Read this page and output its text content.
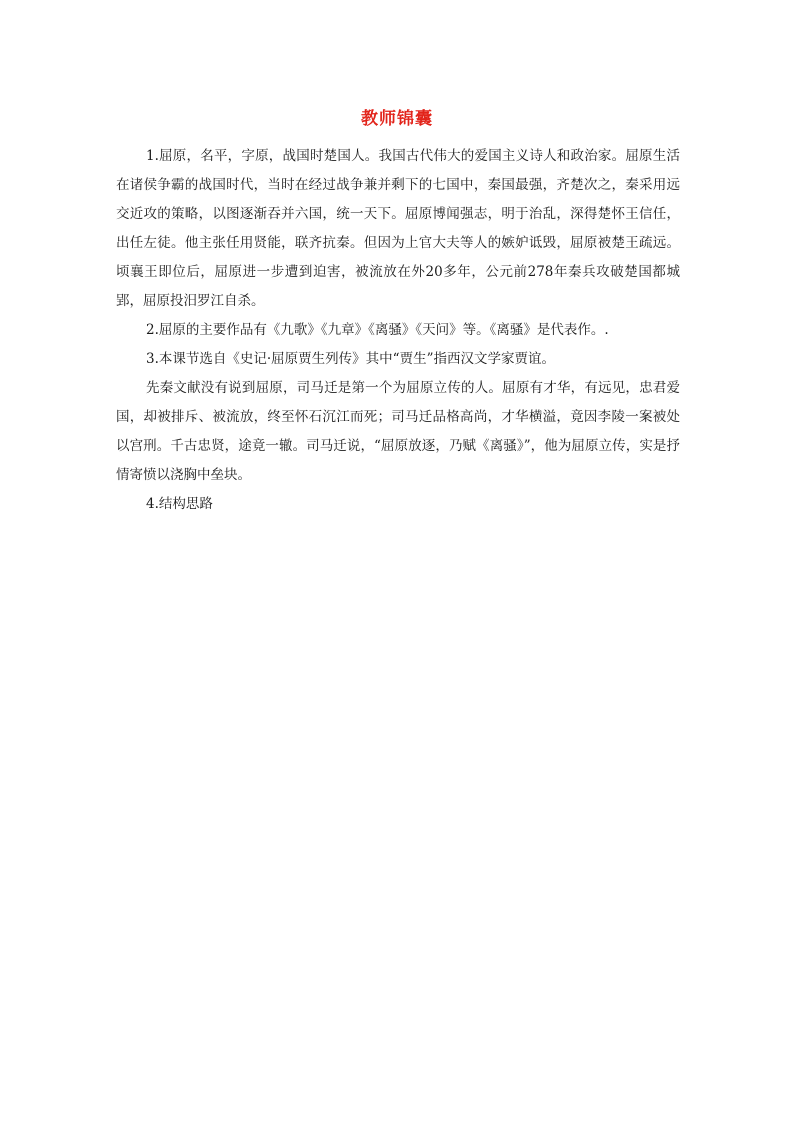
教师锦囊

1.屈原，名平，字原，战国时楚国人。我国古代伟大的爱国主义诗人和政治家。屈原生活在诸侯争霸的战国时代，当时在经过战争兼并剩下的七国中，秦国最强，齐楚次之，秦采用远交近攻的策略，以图逐渐吞并六国，统一天下。屈原博闻强志，明于治乱，深得楚怀王信任，出任左徒。他主张任用贤能，联齐抗秦。但因为上官大夫等人的嫉妒诋毁，屈原被楚王疏远。顷襄王即位后，屈原进一步遭到迫害，被流放在外20多年，公元前278年秦兵攻破楚国都城郢，屈原投汨罗江自杀。

2.屈原的主要作品有《九歌》《九章》《离骚》《天问》等。《离骚》是代表作。.

3.本课节选自《史记·屈原贾生列传》其中“贾生”指西汉文学家贾谊。

先秦文献没有说到屈原，司马迁是第一个为屈原立传的人。屈原有才华，有远见，忠君爱国，却被排斥、被流放，终至怀石沉江而死；司马迁品格高尚，才华横溢，竟因李陵一案被处以宫刑。千古忠贤，途竟一辙。司马迁说，“屈原放逐，乃赋《离骚》”，他为屈原立传，实是抒情寄愤以浇胸中垒块。

4.结构思路
